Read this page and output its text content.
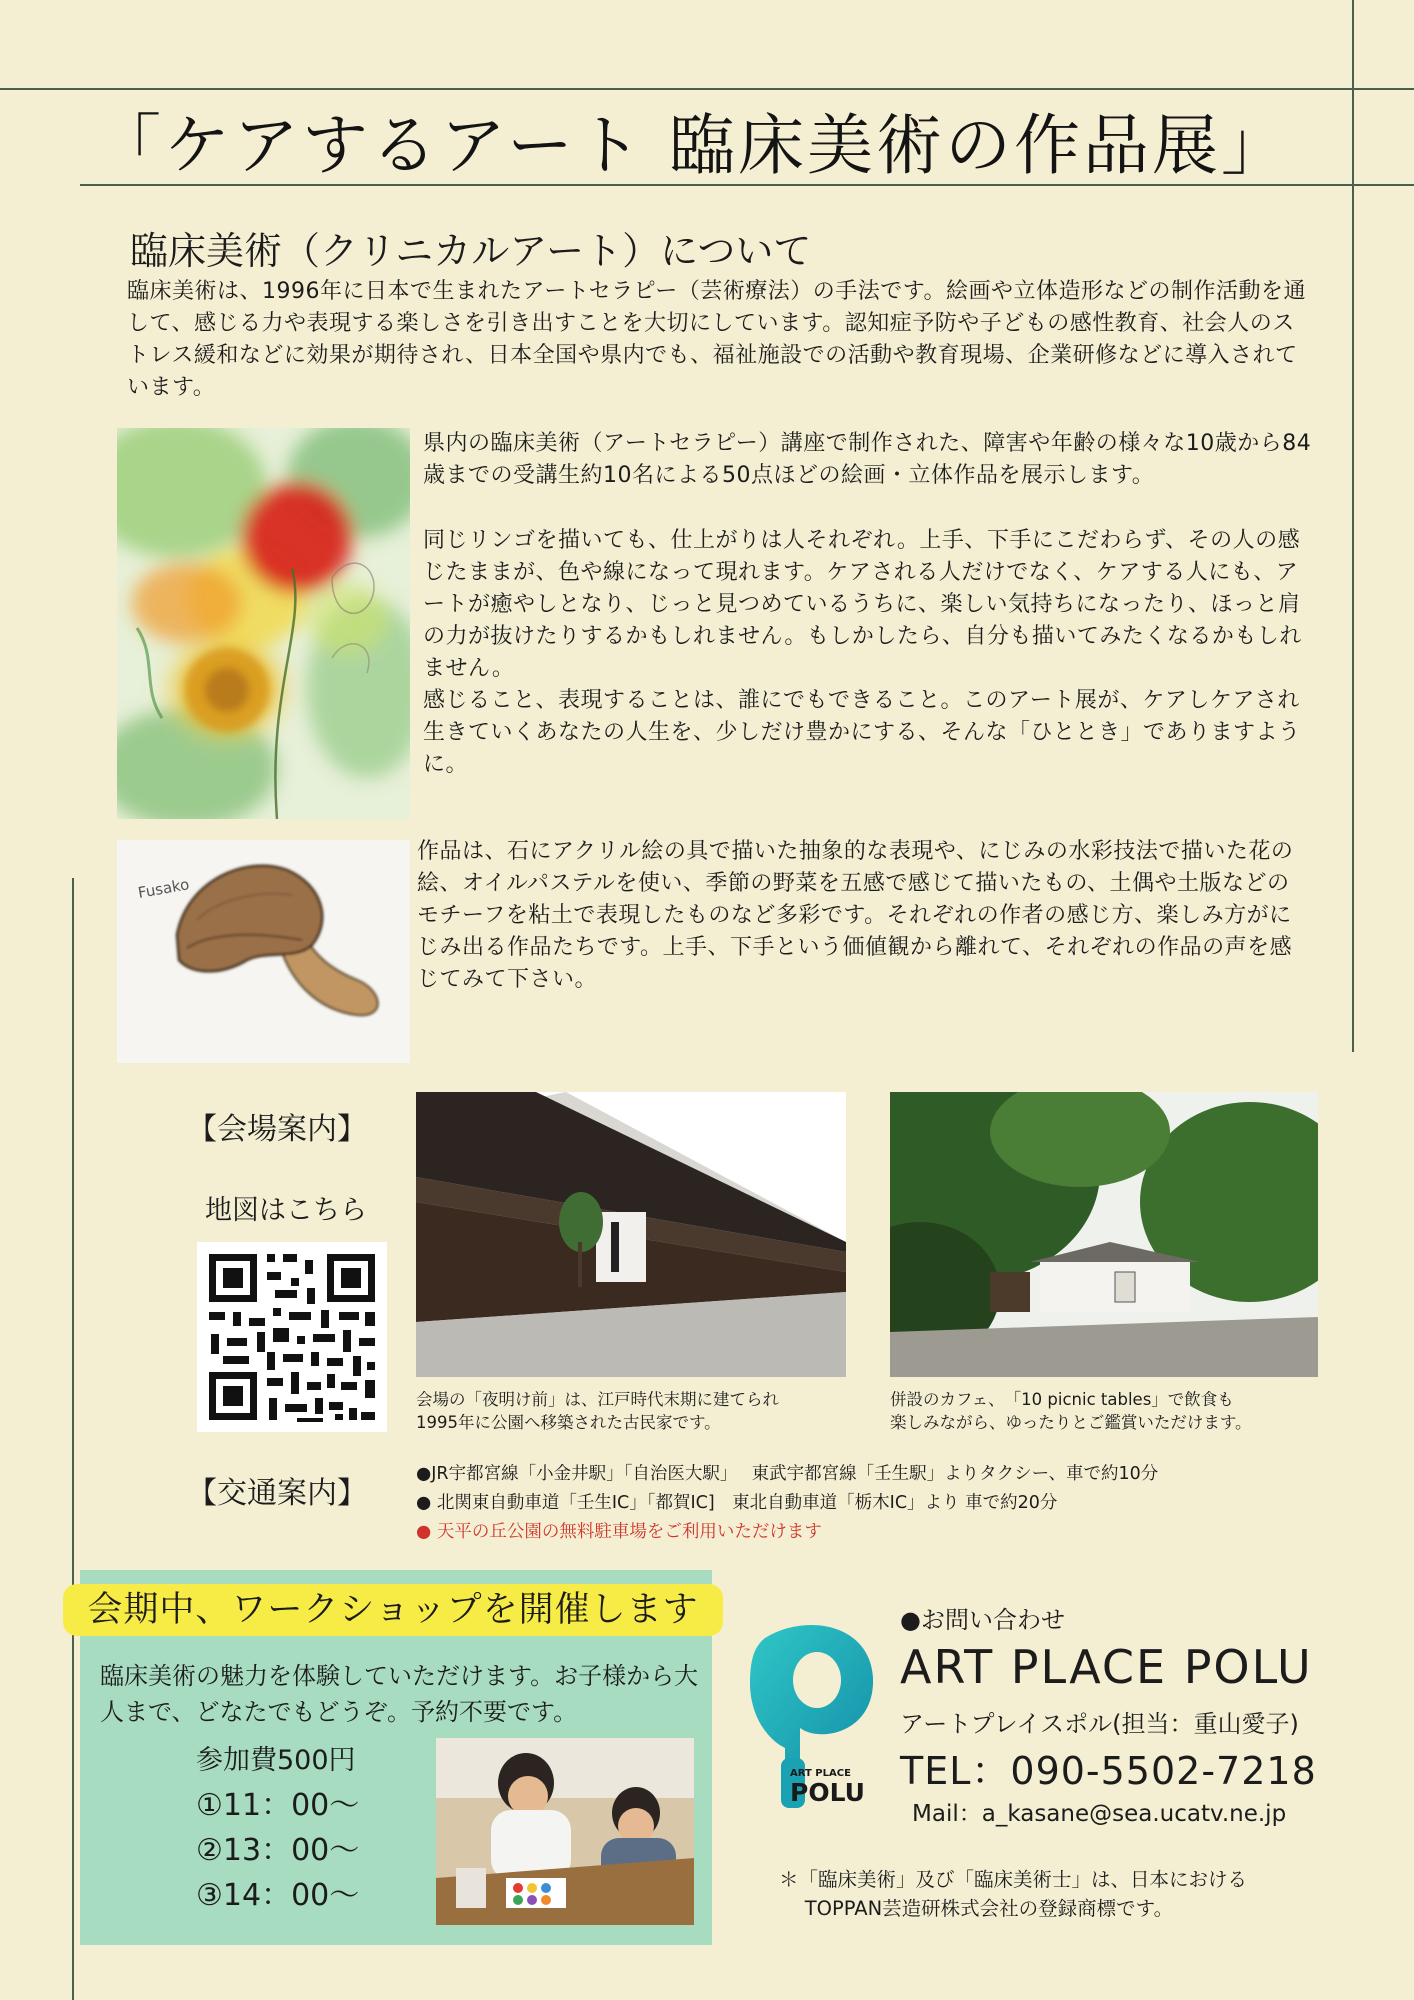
「ケアするアート 臨床美術の作品展」
臨床美術（クリニカルアート）について
臨床美術は、1996年に日本で生まれたアートセラピー（芸術療法）の手法です。絵画や立体造形などの制作活動を通して、感じる力や表現する楽しさを引き出すことを大切にしています。認知症予防や子どもの感性教育、社会人のストレス緩和などに効果が期待され、日本全国や県内でも、福祉施設での活動や教育現場、企業研修などに導入されています。
県内の臨床美術（アートセラピー）講座で制作された、障害や年齢の様々な10歳から84歳までの受講生約10名による50点ほどの絵画・立体作品を展示します。
同じリンゴを描いても、仕上がりは人それぞれ。上手、下手にこだわらず、その人の感じたままが、色や線になって現れます。ケアされる人だけでなく、ケアする人にも、アートが癒やしとなり、じっと見つめているうちに、楽しい気持ちになったり、ほっと肩の力が抜けたりするかもしれません。もしかしたら、自分も描いてみたくなるかもしれません。
感じること、表現することは、誰にでもできること。このアート展が、ケアしケアされ生きていくあなたの人生を、少しだけ豊かにする、そんな「ひととき」でありますように。
Fusako
作品は、石にアクリル絵の具で描いた抽象的な表現や、にじみの水彩技法で描いた花の絵、オイルパステルを使い、季節の野菜を五感で感じて描いたもの、土偶や土版などのモチーフを粘土で表現したものなど多彩です。それぞれの作者の感じ方、楽しみ方がにじみ出る作品たちです。上手、下手という価値観から離れて、それぞれの作品の声を感じてみて下さい。
【会場案内】
地図はこちら
会場の「夜明け前」は、江戸時代末期に建てられ
1995年に公園へ移築された古民家です。
併設のカフェ、　「10 picnic tables」で飲食も
楽しみながら、ゆったりとご鑑賞いただけます。
【交通案内】
●JR宇都宮線「小金井駅」「自治医大駅」　 東武宇都宮線「壬生駅」よりタクシー、車で約10分
● 北関東自動車道「壬生IC」「都賀IC]　東北自動車道「栃木IC」より 車で約20分
● 天平の丘公園の無料駐車場をご利用いただけます
会期中、ワークショップを開催します
臨床美術の魅力を体験していただけます。お子様から大人まで、どなたでもどうぞ。予約不要です。
参加費500円
①11：00〜
②13：00〜
③14：00〜
ART PLACE
POLU
●お問い合わせ
ART PLACE POLU
アートプレイスポル(担当：重山愛子)
TEL：090-5502-7218
Mail：a_kasane@sea.ucatv.ne.jp
＊「臨床美術」及び「臨床美術士」は、日本における
　 TOPPAN芸造研株式会社の登録商標です。
